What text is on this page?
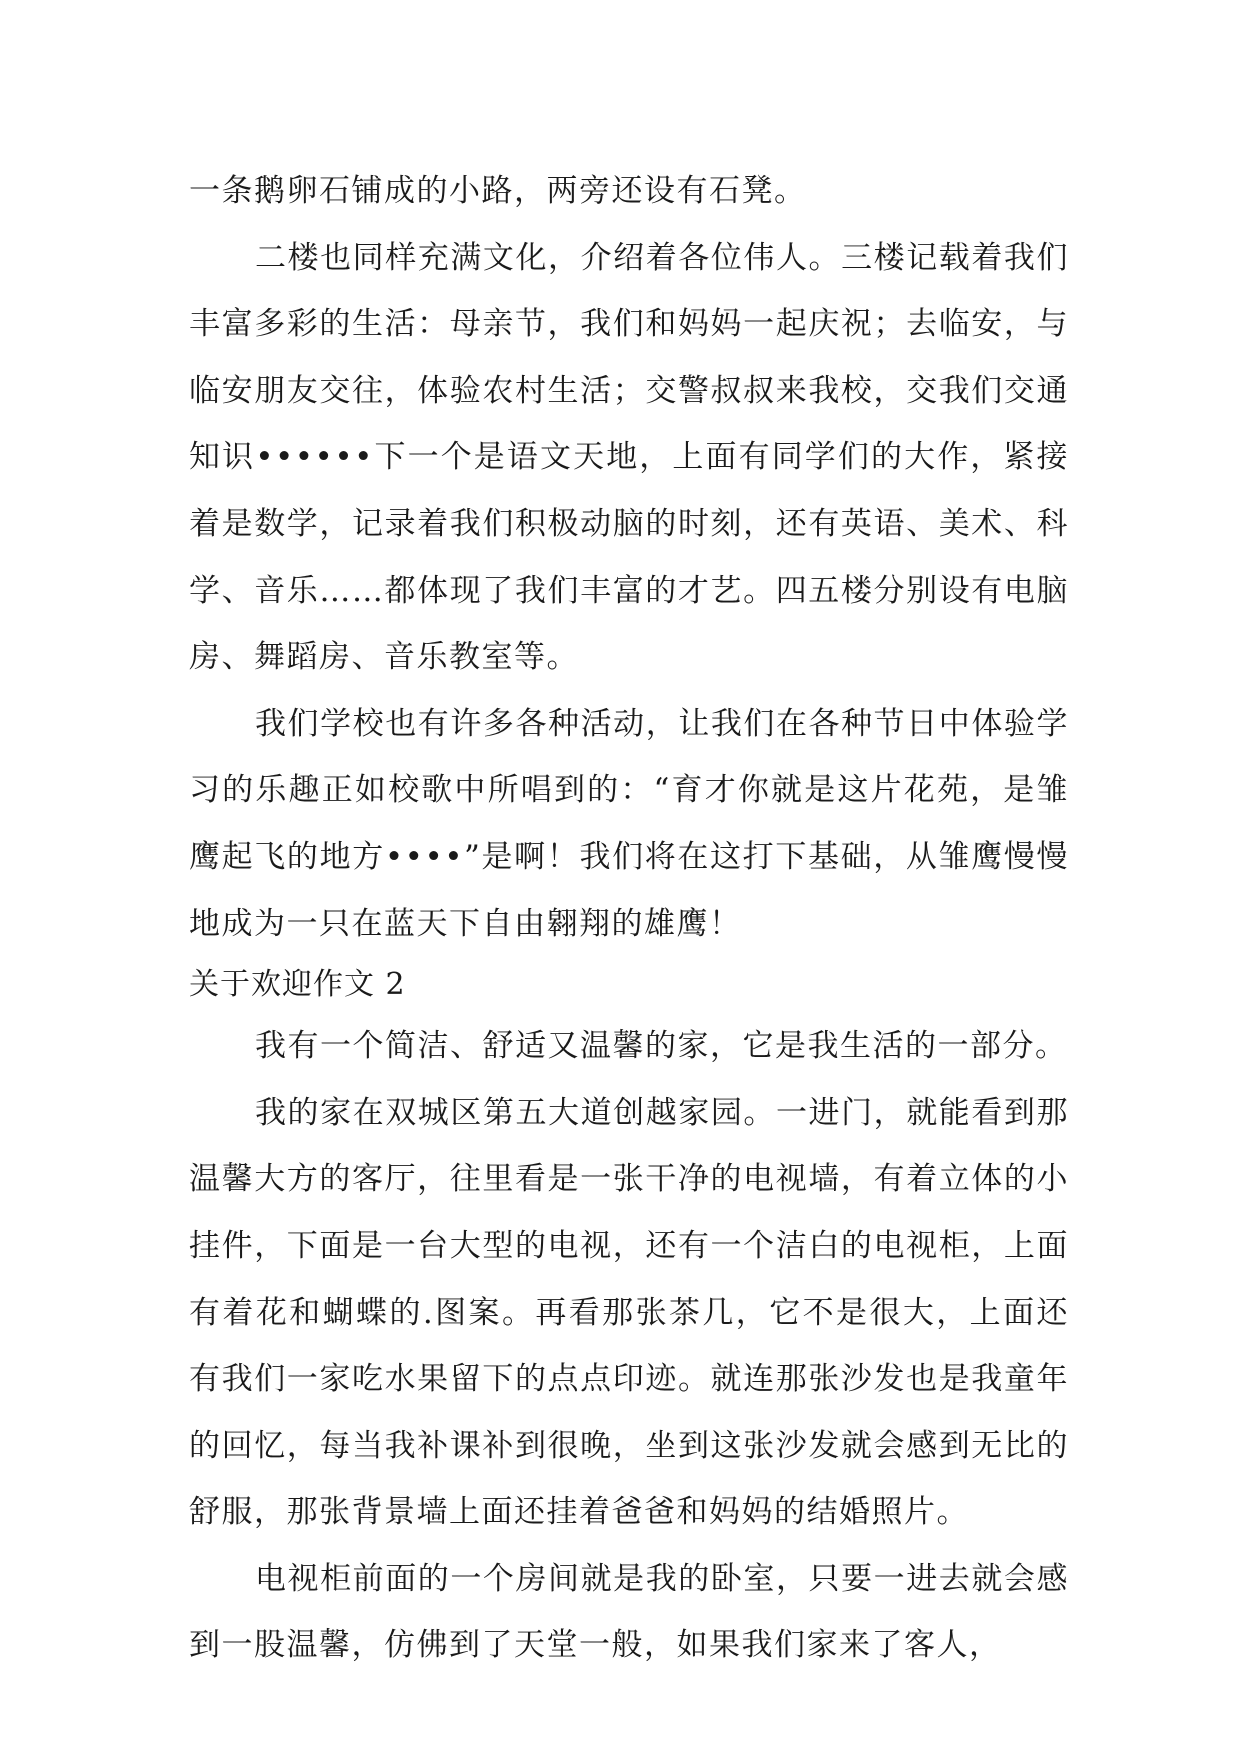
一条鹅卵石铺成的小路，两旁还设有石凳。

二楼也同样充满文化，介绍着各位伟人。三楼记载着我们丰富多彩的生活：母亲节，我们和妈妈一起庆祝；去临安，与临安朋友交往，体验农村生活；交警叔叔来我校，交我们交通知识••••••下一个是语文天地，上面有同学们的大作，紧接着是数学，记录着我们积极动脑的时刻，还有英语、美术、科学、音乐……都体现了我们丰富的才艺。四五楼分别设有电脑房、舞蹈房、音乐教室等。

我们学校也有许多各种活动，让我们在各种节日中体验学习的乐趣正如校歌中所唱到的：“育才你就是这片花苑，是雏鹰起飞的地方••••”是啊！我们将在这打下基础，从雏鹰慢慢地成为一只在蓝天下自由翱翔的雄鹰！

关于欢迎作文 2

我有一个简洁、舒适又温馨的家，它是我生活的一部分。

我的家在双城区第五大道创越家园。一进门，就能看到那温馨大方的客厅，往里看是一张干净的电视墙，有着立体的小挂件，下面是一台大型的电视，还有一个洁白的电视柜，上面有着花和蝴蝶的.图案。再看那张茶几，它不是很大，上面还有我们一家吃水果留下的点点印迹。就连那张沙发也是我童年的回忆，每当我补课补到很晚，坐到这张沙发就会感到无比的舒服，那张背景墙上面还挂着爸爸和妈妈的结婚照片。

电视柜前面的一个房间就是我的卧室，只要一进去就会感到一股温馨，仿佛到了天堂一般，如果我们家来了客人，
